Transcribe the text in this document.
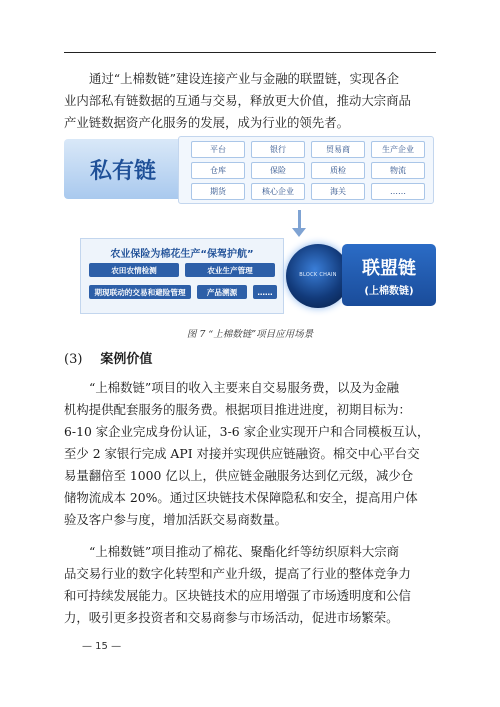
通过“上棉数链”建设连接产业与金融的联盟链，实现各企
业内部私有链数据的互通与交易，释放更大价值，推动大宗商品
产业链数据资产化服务的发展，成为行业的领先者。

私有链
平台	银行	贸易商	生产企业
仓库	保险	质检	物流
期货	核心企业	海关	……
农业保险为棉花生产“保驾护航”
农田农情检测	农业生产管理
期现联动的交易和避险管理	产品溯源	……
BLOCK CHAIN	联盟链
(上棉数链)
图 7 “上棉数链”项目应用场景
(3) 案例价值

“上棉数链”项目的收入主要来自交易服务费，以及为金融
机构提供配套服务的服务费。根据项目推进进度，初期目标为：
6-10 家企业完成身份认证，3-6 家企业实现开户和合同模板互认，
至少 2 家银行完成 API 对接并实现供应链融资。棉交中心平台交
易量翻倍至 1000 亿以上，供应链金融服务达到亿元级，减少仓
储物流成本 20%。通过区块链技术保障隐私和安全，提高用户体
验及客户参与度，增加活跃交易商数量。

“上棉数链”项目推动了棉花、聚酯化纤等纺织原料大宗商
品交易行业的数字化转型和产业升级，提高了行业的整体竞争力
和可持续发展能力。区块链技术的应用增强了市场透明度和公信
力，吸引更多投资者和交易商参与市场活动，促进市场繁荣。

— 15 —
